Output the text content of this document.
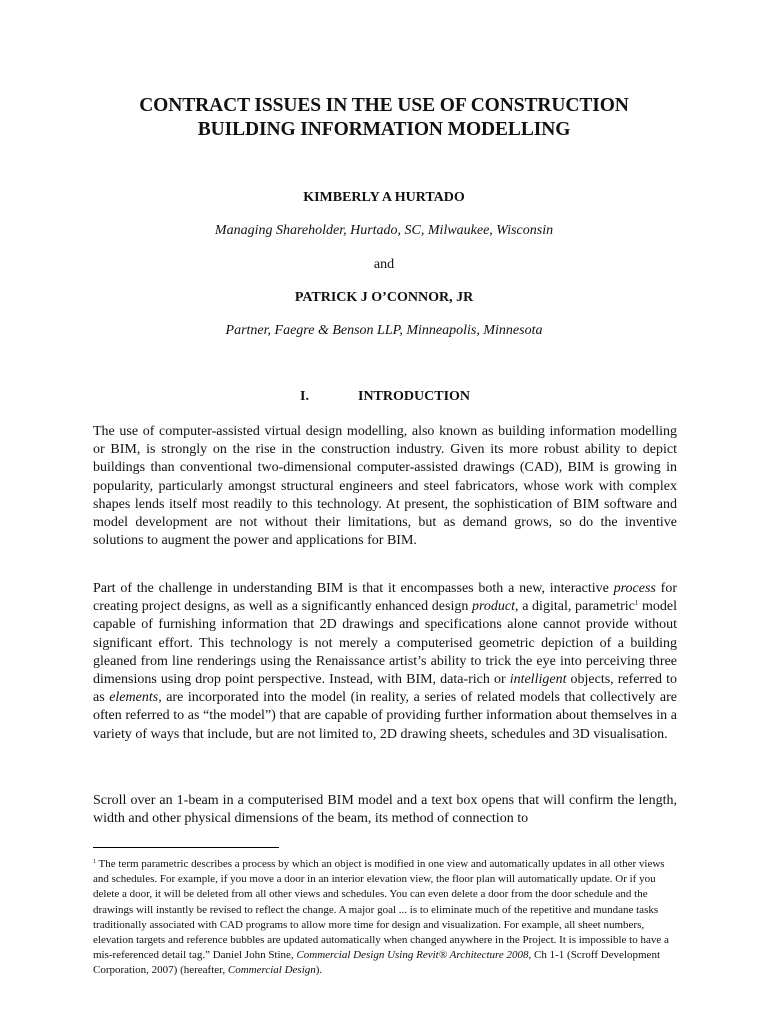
CONTRACT ISSUES IN THE USE OF CONSTRUCTION
BUILDING INFORMATION MODELLING
KIMBERLY A HURTADO
Managing Shareholder, Hurtado, SC, Milwaukee, Wisconsin
and
PATRICK J O’CONNOR, JR
Partner, Faegre & Benson LLP, Minneapolis, Minnesota
I.	INTRODUCTION

The use of computer-assisted virtual design modelling, also known as building information modelling or BIM, is strongly on the rise in the construction industry. Given its more robust ability to depict buildings than conventional two-dimensional computer-assisted drawings (CAD), BIM is growing in popularity, particularly amongst structural engineers and steel fabricators, whose work with complex shapes lends itself most readily to this technology. At present, the sophistication of BIM software and model development are not without their limitations, but as demand grows, so do the inventive solutions to augment the power and applications for BIM.

Part of the challenge in understanding BIM is that it encompasses both a new, interactive process for creating project designs, as well as a significantly enhanced design product, a digital, parametric$^1$ model capable of furnishing information that 2D drawings and specifications alone cannot provide without significant effort. This technology is not merely a computerised geometric depiction of a building gleaned from line renderings using the Renaissance artist’s ability to trick the eye into perceiving three dimensions using drop point perspective. Instead, with BIM, data-rich or intelligent objects, referred to as elements, are incorporated into the model (in reality, a series of related models that collectively are often referred to as “the model”) that are capable of providing further information about themselves in a variety of ways that include, but are not limited to, 2D drawing sheets, schedules and 3D visualisation.

Scroll over an 1-beam in a computerised BIM model and a text box opens that will confirm the length, width and other physical dimensions of the beam, its method of connection to

$^1$ The term parametric describes a process by which an object is modified in one view and automatically updates in all other views and schedules. For example, if you move a door in an interior elevation view, the floor plan will automatically update. Or if you delete a door, it will be deleted from all other views and schedules. You can even delete a door from the door schedule and the drawings will instantly be revised to reflect the change. A major goal ... is to eliminate much of the repetitive and mundane tasks traditionally associated with CAD programs to allow more time for design and visualization. For example, all sheet numbers, elevation targets and reference bubbles are updated automatically when changed anywhere in the Project. It is impossible to have a mis-referenced detail tag.” Daniel John Stine, Commercial Design Using Revit® Architecture 2008, Ch 1-1 (Scroff Development Corporation, 2007) (hereafter, Commercial Design).
